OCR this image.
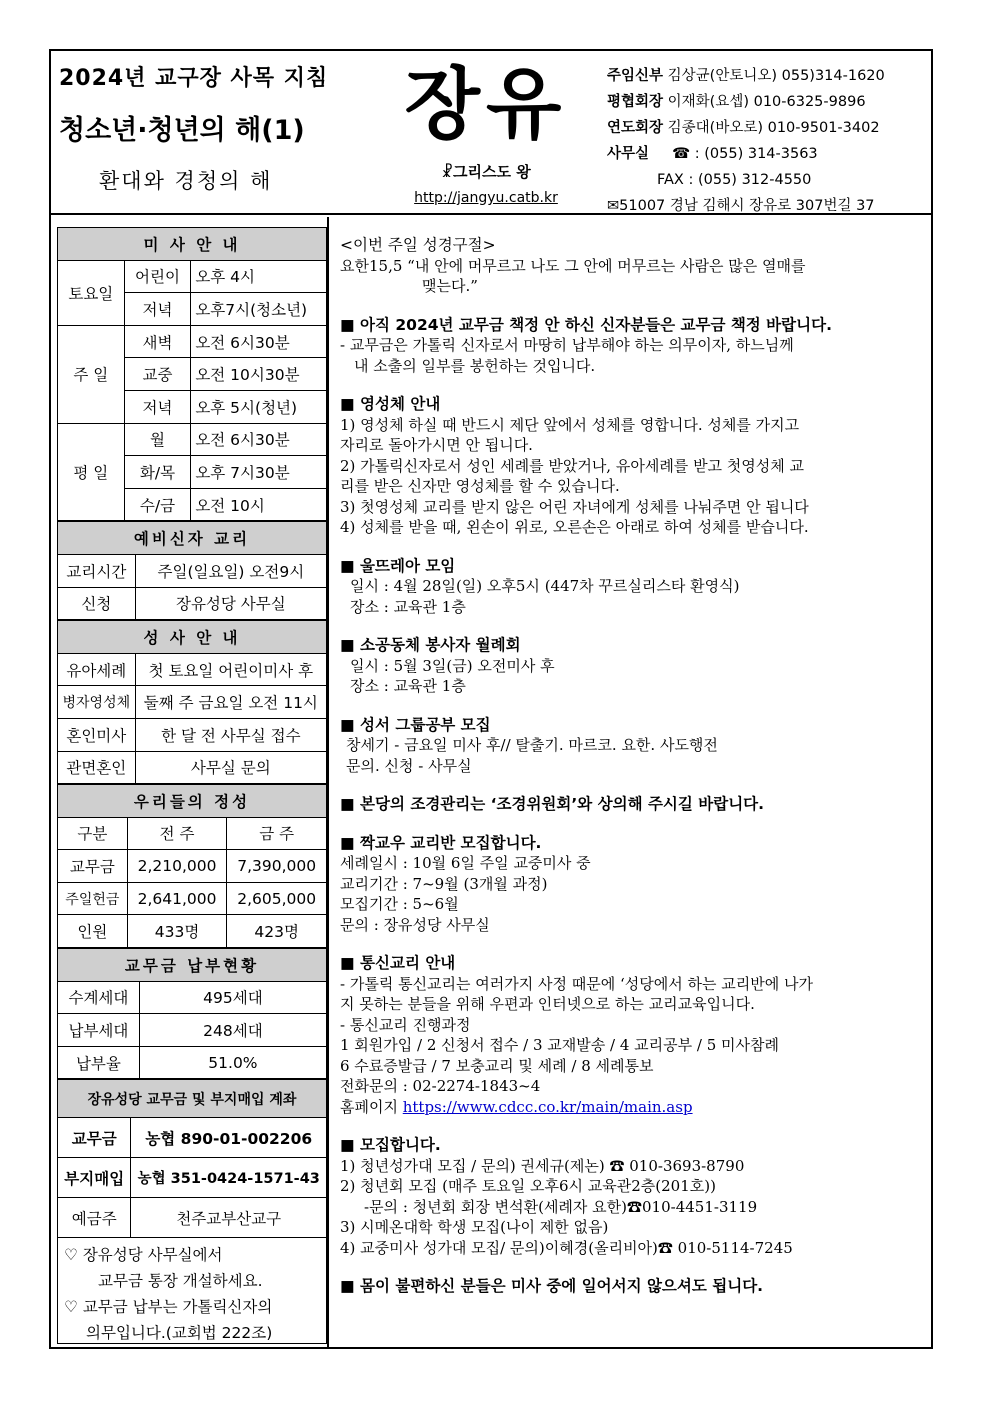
2024년 교구장 사목 지침
청소년·청년의 해(1)
환대와 경청의 해
장유
☧그리스도 왕
http://jangyu.catb.kr
주임신부 김상균(안토니오) 055)314-1620
평협회장 이재화(요셉) 010-6325-9896
연도회장 김종대(바오로) 010-9501-3402
사무실 ☎ : (055) 314-3563
FAX : (055) 312-4550
✉51007 경남 김해시 장유로 307번길 37
미 사 안 내		
토요일	어린이	오후 4시
	저녁	오후7시(청소년)
주 일	새벽	오전 6시30분
	교중	오전 10시30분
	저녁	오후 5시(청년)
평 일	월	오전 6시30분
	화/목	오후 7시30분
	수/금	오전 10시
예비신자 교리	
교리시간	주일(일요일) 오전9시
신청	장유성당 사무실
성 사 안 내	
유아세례	첫 토요일 어린이미사 후
병자영성체	둘째 주 금요일 오전 11시
혼인미사	한 달 전 사무실 접수
관면혼인	사무실 문의
우리들의 정성		
구분	전 주	금 주
교무금	2,210,000	7,390,000
주일헌금	2,641,000	2,605,000
인원	433명	423명
교무금 납부현황	
수계세대	495세대
납부세대	248세대
납부율	51.0%
장유성당 교무금 및 부지매입 계좌	
교무금	농협 890-01-002206
부지매입	농협 351-0424-1571-43
예금주	천주교부산교구
♡ 장유성당 사무실에서
교무금 통장 개설하세요.
♡ 교무금 납부는 가톨릭신자의
의무입니다.(교회법 222조)
<이번 주일 성경구절>
요한15,5 “내 안에 머무르고 나도 그 안에 머무르는 사람은 많은 열매를
맺는다.”
■ 아직 2024년 교무금 책정 안 하신 신자분들은 교무금 책정 바랍니다.
- 교무금은 가톨릭 신자로서 마땅히 납부해야 하는 의무이자, 하느님께
내 소출의 일부를 봉헌하는 것입니다.
■ 영성체 안내
1) 영성체 하실 때 반드시 제단 앞에서 성체를 영합니다. 성체를 가지고
자리로 돌아가시면 안 됩니다.
2) 가톨릭신자로서 성인 세례를 받았거나, 유아세례를 받고 첫영성체 교
리를 받은 신자만 영성체를 할 수 있습니다.
3) 첫영성체 교리를 받지 않은 어린 자녀에게 성체를 나눠주면 안 됩니다
4) 성체를 받을 때, 왼손이 위로, 오른손은 아래로 하여 성체를 받습니다.
■ 울뜨레아 모임
일시 : 4월 28일(일) 오후5시 (447차 꾸르실리스타 환영식)
장소 : 교육관 1층
■ 소공동체 봉사자 월례회
일시 : 5월 3일(금) 오전미사 후
장소 : 교육관 1층
■ 성서 그룹공부 모집
창세기 - 금요일 미사 후// 탈출기. 마르코. 요한. 사도행전
문의. 신청 - 사무실
■ 본당의 조경관리는 ‘조경위원회’와 상의해 주시길 바랍니다.
■ 짝교우 교리반 모집합니다.
세례일시 : 10월 6일 주일 교중미사 중
교리기간 : 7~9월 (3개월 과정)
모집기간 : 5~6월
문의 : 장유성당 사무실
■ 통신교리 안내
- 가톨릭 통신교리는 여러가지 사정 때문에 ‘성당에서 하는 교리반에 나가
지 못하는 분들을 위해 우편과 인터넷으로 하는 교리교육입니다.
- 통신교리 진행과정
1 회원가입 / 2 신청서 접수 / 3 교재발송 / 4 교리공부 / 5 미사참례
6 수료증발급 / 7 보충교리 및 세례 / 8 세례통보
전화문의 : 02-2274-1843~4
홈페이지 https://www.cdcc.co.kr/main/main.asp
■ 모집합니다.
1) 청년성가대 모집 / 문의) 권세규(제논) ☎ 010-3693-8790
2) 청년회 모집 (매주 토요일 오후6시 교육관2층(201호))
-문의 : 청년회 회장 변석환(세례자 요한)☎010-4451-3119
3) 시메온대학 학생 모집(나이 제한 없음)
4) 교중미사 성가대 모집/ 문의)이혜경(올리비아)☎ 010-5114-7245
■ 몸이 불편하신 분들은 미사 중에 일어서지 않으셔도 됩니다.
